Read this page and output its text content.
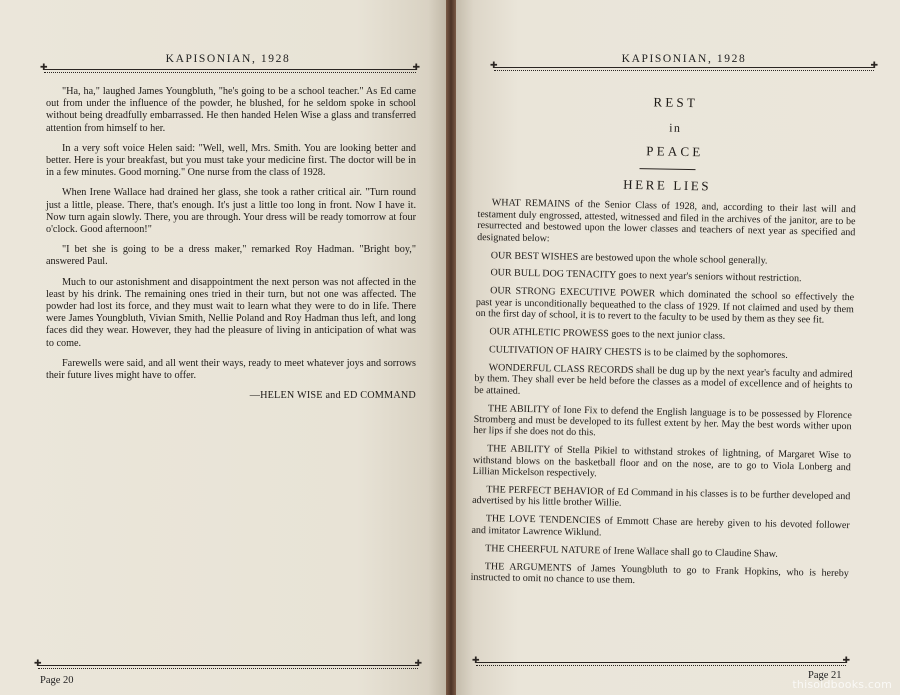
KAPISONIAN, 1928
✚ ✚

"Ha, ha," laughed James Youngbluth, "he's going to be a school teacher." As Ed came out from under the influence of the powder, he blushed, for he seldom spoke in school without being dreadfully embarrassed. He then handed Helen Wise a glass and transferred attention from himself to her.

In a very soft voice Helen said: "Well, well, Mrs. Smith. You are looking better and better. Here is your breakfast, but you must take your medicine first. The doctor will be in in a few minutes. Good morning." One nurse from the class of 1928.

When Irene Wallace had drained her glass, she took a rather critical air. "Turn round just a little, please. There, that's enough. It's just a little too long in front. Now I have it. Now turn again slowly. There, you are through. Your dress will be ready tomorrow at four o'clock. Good afternoon!"

"I bet she is going to be a dress maker," remarked Roy Hadman. "Bright boy," answered Paul.

Much to our astonishment and disappointment the next person was not affected in the least by his drink. The remaining ones tried in their turn, but not one was affected. The powder had lost its force, and they must wait to learn what they were to do in life. There were James Youngbluth, Vivian Smith, Nellie Poland and Roy Hadman thus left, and long faces did they wear. However, they had the pleasure of living in anticipation of what was to come.

Farewells were said, and all went their ways, ready to meet whatever joys and sorrows their future lives might have to offer.

—HELEN WISE and ED COMMAND
✚ ✚
Page 20
KAPISONIAN, 1928
✚ ✚

REST

in

PEACE

HERE LIES

WHAT REMAINS of the Senior Class of 1928, and, according to their last will and testament duly engrossed, attested, witnessed and filed in the archives of the janitor, are to be resurrected and bestowed upon the lower classes and teachers of next year as specified and designated below:

OUR BEST WISHES are bestowed upon the whole school generally.

OUR BULL DOG TENACITY goes to next year's seniors without restriction.

OUR STRONG EXECUTIVE POWER which dominated the school so effectively the past year is unconditionally bequeathed to the class of 1929. If not claimed and used by them on the first day of school, it is to revert to the faculty to be used by them as they see fit.

OUR ATHLETIC PROWESS goes to the next junior class.

CULTIVATION OF HAIRY CHESTS is to be claimed by the sophomores.

WONDERFUL CLASS RECORDS shall be dug up by the next year's faculty and admired by them. They shall ever be held before the classes as a model of excellence and of heights to be attained.

THE ABILITY of Ione Fix to defend the English language is to be possessed by Florence Stromberg and must be developed to its fullest extent by her. May the best words wither upon her lips if she does not do this.

THE ABILITY of Stella Pikiel to withstand strokes of lightning, of Margaret Wise to withstand blows on the basketball floor and on the nose, are to go to Viola Lonberg and Lillian Mickelson respectively.

THE PERFECT BEHAVIOR of Ed Command in his classes is to be further developed and advertised by his little brother Willie.

THE LOVE TENDENCIES of Emmott Chase are hereby given to his devoted follower and imitator Lawrence Wiklund.

THE CHEERFUL NATURE of Irene Wallace shall go to Claudine Shaw.

THE ARGUMENTS of James Youngbluth to go to Frank Hopkins, who is hereby instructed to omit no chance to use them.

✚ ✚
Page 21
thisoldbooks.com
